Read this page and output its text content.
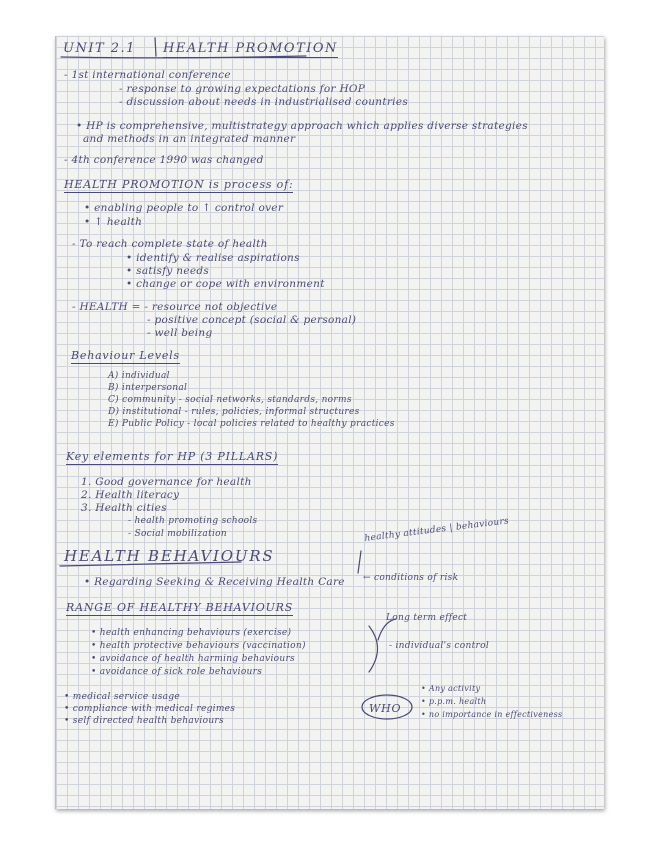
UNIT 2.1 HEALTH PROMOTION
- 1st international conference
- response to growing expectations for HOP
- discussion about needs in industrialised countries
• HP is comprehensive, multistrategy approach which applies diverse strategies
and methods in an integrated manner
- 4th conference 1990 was changed
HEALTH PROMOTION is process of:
• enabling people to ↑ control over
• ↑ health
- To reach complete state of health
• identify & realise aspirations
• satisfy needs
• change or cope with environment
- HEALTH = - resource not objective
- positive concept (social & personal)
- well being
Behaviour Levels
A) individual
B) interpersonal
C) community - social networks, standards, norms
D) institutional - rules, policies, informal structures
E) Public Policy - local policies related to healthy practices
Key elements for HP (3 PILLARS)
1. Good governance for health
2. Health literacy
3. Health cities
- health promoting schools
- Social mobilization
HEALTH BEHAVIOURS
healthy attitudes | behaviours
• Regarding Seeking & Receiving Health Care ← conditions of risk
RANGE OF HEALTHY BEHAVIOURS
• health enhancing behaviours (exercise)
• health protective behaviours (vaccination)
• avoidance of health harming behaviours
• avoidance of sick role behaviours
Long term effect
- individual's control
• medical service usage
• compliance with medical regimes
• self directed health behaviours
WHO
• Any activity
• p.p.m. health
• no importance in effectiveness
